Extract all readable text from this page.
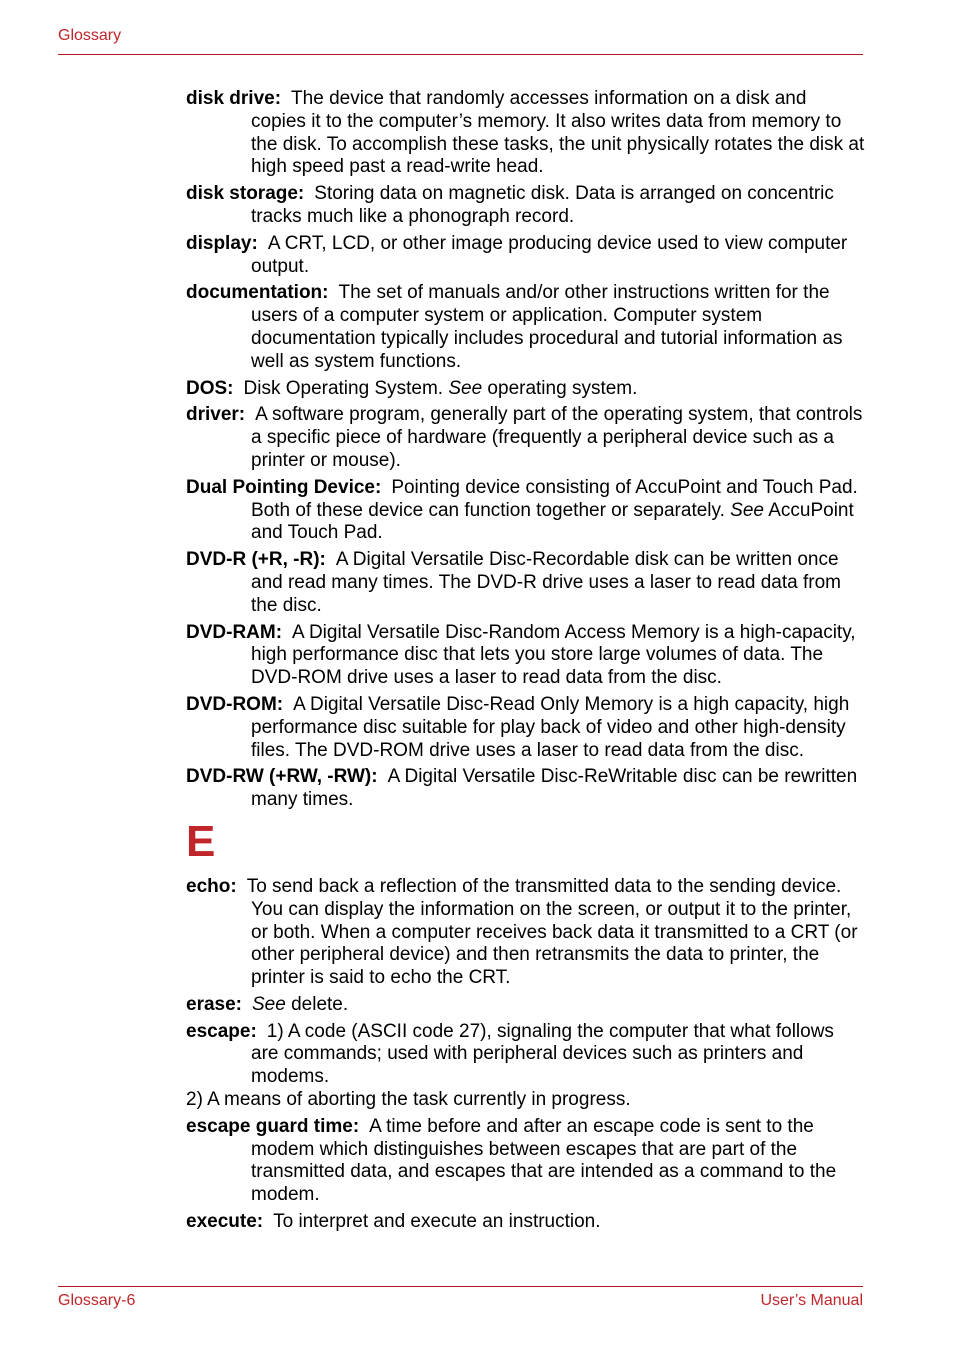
Glossary
disk drive: The device that randomly accesses information on a disk and copies it to the computer’s memory. It also writes data from memory to the disk. To accomplish these tasks, the unit physically rotates the disk at high speed past a read-write head.
disk storage: Storing data on magnetic disk. Data is arranged on concentric tracks much like a phonograph record.
display: A CRT, LCD, or other image producing device used to view computer output.
documentation: The set of manuals and/or other instructions written for the users of a computer system or application. Computer system documentation typically includes procedural and tutorial information as well as system functions.
DOS: Disk Operating System. See operating system.
driver: A software program, generally part of the operating system, that controls a specific piece of hardware (frequently a peripheral device such as a printer or mouse).
Dual Pointing Device: Pointing device consisting of AccuPoint and Touch Pad. Both of these device can function together or separately. See AccuPoint and Touch Pad.
DVD-R (+R, -R): A Digital Versatile Disc-Recordable disk can be written once and read many times. The DVD-R drive uses a laser to read data from the disc.
DVD-RAM: A Digital Versatile Disc-Random Access Memory is a high-capacity, high performance disc that lets you store large volumes of data. The DVD-ROM drive uses a laser to read data from the disc.
DVD-ROM: A Digital Versatile Disc-Read Only Memory is a high capacity, high performance disc suitable for play back of video and other high-density files. The DVD-ROM drive uses a laser to read data from the disc.
DVD-RW (+RW, -RW): A Digital Versatile Disc-ReWritable disc can be rewritten many times.
E
echo: To send back a reflection of the transmitted data to the sending device. You can display the information on the screen, or output it to the printer, or both. When a computer receives back data it transmitted to a CRT (or other peripheral device) and then retransmits the data to printer, the printer is said to echo the CRT.
erase: See delete.
escape: 1) A code (ASCII code 27), signaling the computer that what follows are commands; used with peripheral devices such as printers and modems.
2) A means of aborting the task currently in progress.
escape guard time: A time before and after an escape code is sent to the modem which distinguishes between escapes that are part of the transmitted data, and escapes that are intended as a command to the modem.
execute: To interpret and execute an instruction.
Glossary-6	User’s Manual
